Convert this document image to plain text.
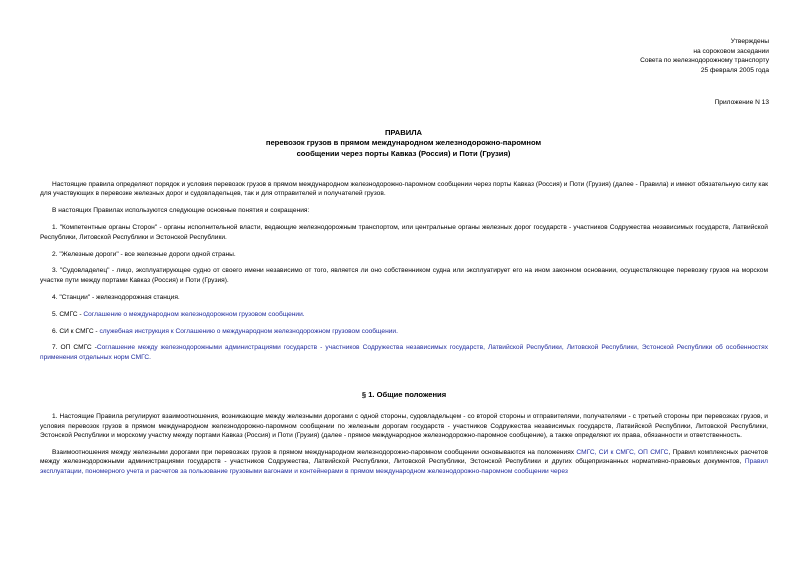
Утверждены
на сороковом заседании
Совета по железнодорожному транспорту
25 февраля 2005 года
Приложение N 13
ПРАВИЛА
перевозок грузов в прямом международном железнодорожно-паромном
сообщении через порты Кавказ (Россия) и Поти (Грузия)

Настоящие правила определяют порядок и условия перевозок грузов в прямом международном железнодорожно-паромном сообщении через порты Кавказ (Россия) и Поти (Грузия) (далее - Правила) и имеют обязательную силу как для участвующих в перевозке железных дорог и судовладельцев, так и для отправителей и получателей грузов.

В настоящих Правилах используются следующие основные понятия и сокращения:

1. "Компетентные органы Сторон" - органы исполнительной власти, ведающие железнодорожным транспортом, или центральные органы железных дорог государств - участников Содружества независимых государств, Латвийской Республики, Литовской Республики и Эстонской Республики.

2. "Железные дороги" - все железные дороги одной страны.

3. "Судовладелец" - лицо, эксплуатирующее судно от своего имени независимо от того, является ли оно собственником судна или эксплуатирует его на ином законном основании, осуществляющее перевозку грузов на морском участке пути между портами Кавказ (Россия) и Поти (Грузия).

4. "Станции" - железнодорожная станция.

5. СМГС - Соглашение о международном железнодорожном грузовом сообщении.

6. СИ к СМГС - служебная инструкция к Соглашению о международном железнодорожном грузовом сообщении.

7. ОП СМГС -Соглашение между железнодорожными администрациями государств - участников Содружества независимых государств, Латвийской Республики, Литовской Республики, Эстонской Республики об особенностях применения отдельных норм СМГС.

§ 1. Общие положения

1. Настоящие Правила регулируют взаимоотношения, возникающие между железными дорогами с одной стороны, судовладельцем - со второй стороны и отправителями, получателями - с третьей стороны при перевозках грузов, и условия перевозок грузов в прямом международном железнодорожно-паромном сообщении по железным дорогам государств - участников Содружества независимых государств, Латвийской Республики, Литовской Республики, Эстонской Республики и морскому участку между портами Кавказ (Россия) и Поти (Грузия) (далее - прямое международное железнодорожно-паромное сообщение), а также определяют их права, обязанности и ответственность.

Взаимоотношения между железными дорогами при перевозках грузов в прямом международном железнодорожно-паромном сообщении основываются на положениях СМГС, СИ к СМГС, ОП СМГС, Правил комплексных расчетов между железнодорожными администрациями государств - участников Содружества, Латвийской Республики, Литовской Республики, Эстонской Республики и других общепризнанных нормативно-правовых документов, Правил эксплуатации, пономерного учета и расчетов за пользование грузовыми вагонами и контейнерами в прямом международном железнодорожно-паромном сообщении через
